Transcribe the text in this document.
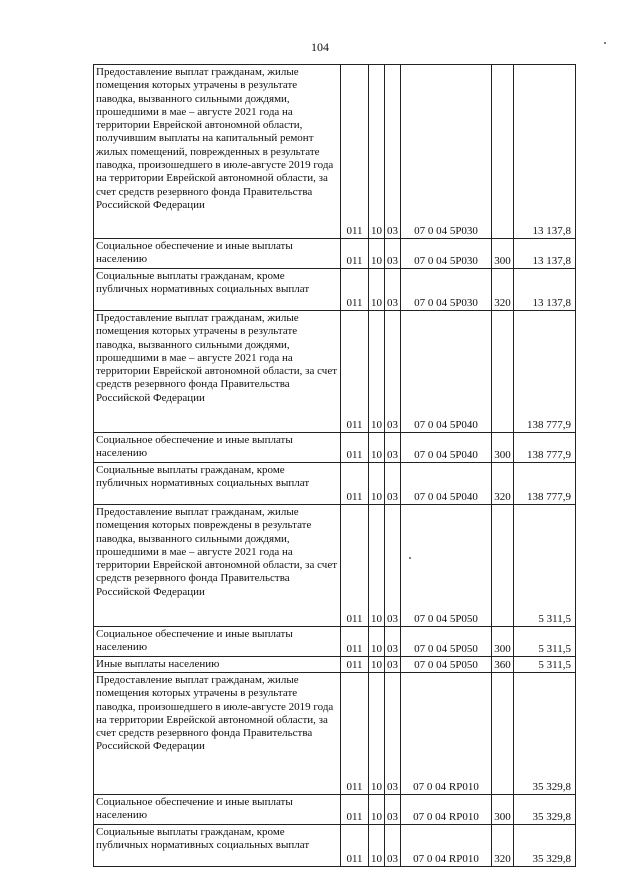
104
Предоставление выплат гражданам, жилые помещения которых утрачены в результате паводка, вызванного сильными дождями, прошедшими в мае – августе 2021 года на территории Еврейской автономной области, получившим выплаты на капитальный ремонт жилых помещений, поврежденных в результате паводка, произошедшего в июле-августе 2019 года на территории Еврейской автономной области, за счет средств резервного фонда Правительства Российской Федерации	011	10	03	07 0 04 5P030		13 137,8
Социальное обеспечение и иные выплаты населению	011	10	03	07 0 04 5P030	300	13 137,8
Социальные выплаты гражданам, кроме публичных нормативных социальных выплат	011	10	03	07 0 04 5P030	320	13 137,8
Предоставление выплат гражданам, жилые помещения которых утрачены в результате паводка, вызванного сильными дождями, прошедшими в мае – августе 2021 года на территории Еврейской автономной области, за счет средств резервного фонда Правительства Российской Федерации	011	10	03	07 0 04 5P040		138 777,9
Социальное обеспечение и иные выплаты населению	011	10	03	07 0 04 5P040	300	138 777,9
Социальные выплаты гражданам, кроме публичных нормативных социальных выплат	011	10	03	07 0 04 5P040	320	138 777,9
Предоставление выплат гражданам, жилые помещения которых повреждены в результате паводка, вызванного сильными дождями, прошедшими в мае – августе 2021 года на территории Еврейской автономной области, за счет средств резервного фонда Правительства Российской Федерации	011	10	03	07 0 04 5P050		5 311,5
Социальное обеспечение и иные выплаты населению	011	10	03	07 0 04 5P050	300	5 311,5
Иные выплаты населению	011	10	03	07 0 04 5P050	360	5 311,5
Предоставление выплат гражданам, жилые помещения которых утрачены в результате паводка, произошедшего в июле-августе 2019 года на территории Еврейской автономной области, за счет средств резервного фонда Правительства Российской Федерации	011	10	03	07 0 04 RP010		35 329,8
Социальное обеспечение и иные выплаты населению	011	10	03	07 0 04 RP010	300	35 329,8
Социальные выплаты гражданам, кроме публичных нормативных социальных выплат	011	10	03	07 0 04 RP010	320	35 329,8
